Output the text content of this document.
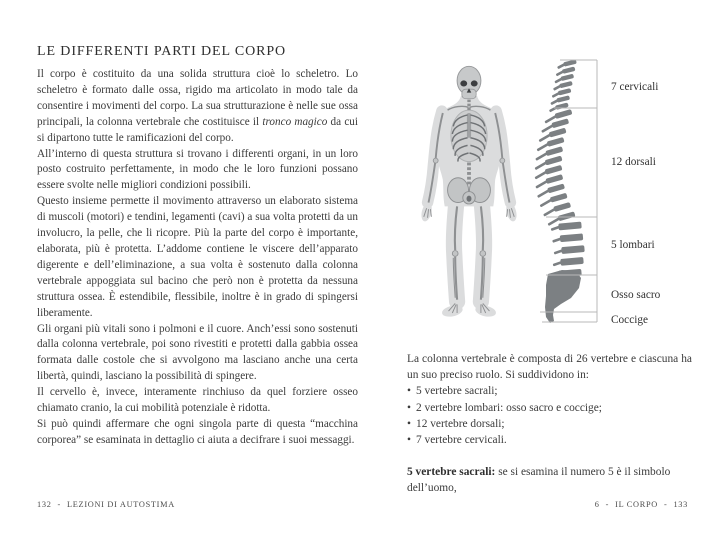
LE DIFFERENTI PARTI DEL CORPO

Il corpo è costituito da una solida struttura cioè lo scheletro. Lo scheletro è formato dalle ossa, rigido ma articolato in modo tale da consentire i movimenti del corpo. La sua strutturazione è nelle sue ossa principali, la colonna vertebrale che costituisce il tronco magico da cui si dipartono tutte le ramificazioni del corpo.

All’interno di questa struttura si trovano i differenti organi, in un loro posto costruito perfettamente, in modo che le loro funzioni possano essere svolte nelle migliori condizioni possibili.

Questo insieme permette il movimento attraverso un elaborato sistema di muscoli (motori) e tendini, legamenti (cavi) a sua volta protetti da un involucro, la pelle, che li ricopre. Più la parte del corpo è importante, elaborata, più è protetta. L’addome contiene le viscere dell’apparato digerente e dell’eliminazione, a sua volta è sostenuto dalla colonna vertebrale appoggiata sul bacino che però non è protetta da nessuna struttura ossea. È estendibile, flessibile, inoltre è in grado di spingersi liberamente.

Gli organi più vitali sono i polmoni e il cuore. Anch’essi sono sostenuti dalla colonna vertebrale, poi sono rivestiti e protetti dalla gabbia ossea formata dalle costole che si avvolgono ma lasciano anche una certa libertà, quindi, lasciano la possibilità di spingere.

Il cervello è, invece, interamente rinchiuso da quel forziere osseo chiamato cranio, la cui mobilità potenziale è ridotta.

Si può quindi affermare che ogni singola parte di questa “macchina corporea” se esaminata in dettaglio ci aiuta a decifrare i suoi messaggi.

132 - LEZIONI DI AUTOSTIMA
7 cervicali
12 dorsali
5 lombari
Osso sacro
Coccige

La colonna vertebrale è composta di 26 vertebre e ciascuna ha un suo preciso ruolo. Si suddividono in:

• 5 vertebre sacrali;
• 2 vertebre lombari: osso sacro e coccige;
• 12 vertebre dorsali;
• 7 vertebre cervicali.

5 vertebre sacrali: se si esamina il numero 5 è il simbolo dell’uomo,

6 - IL CORPO - 133
